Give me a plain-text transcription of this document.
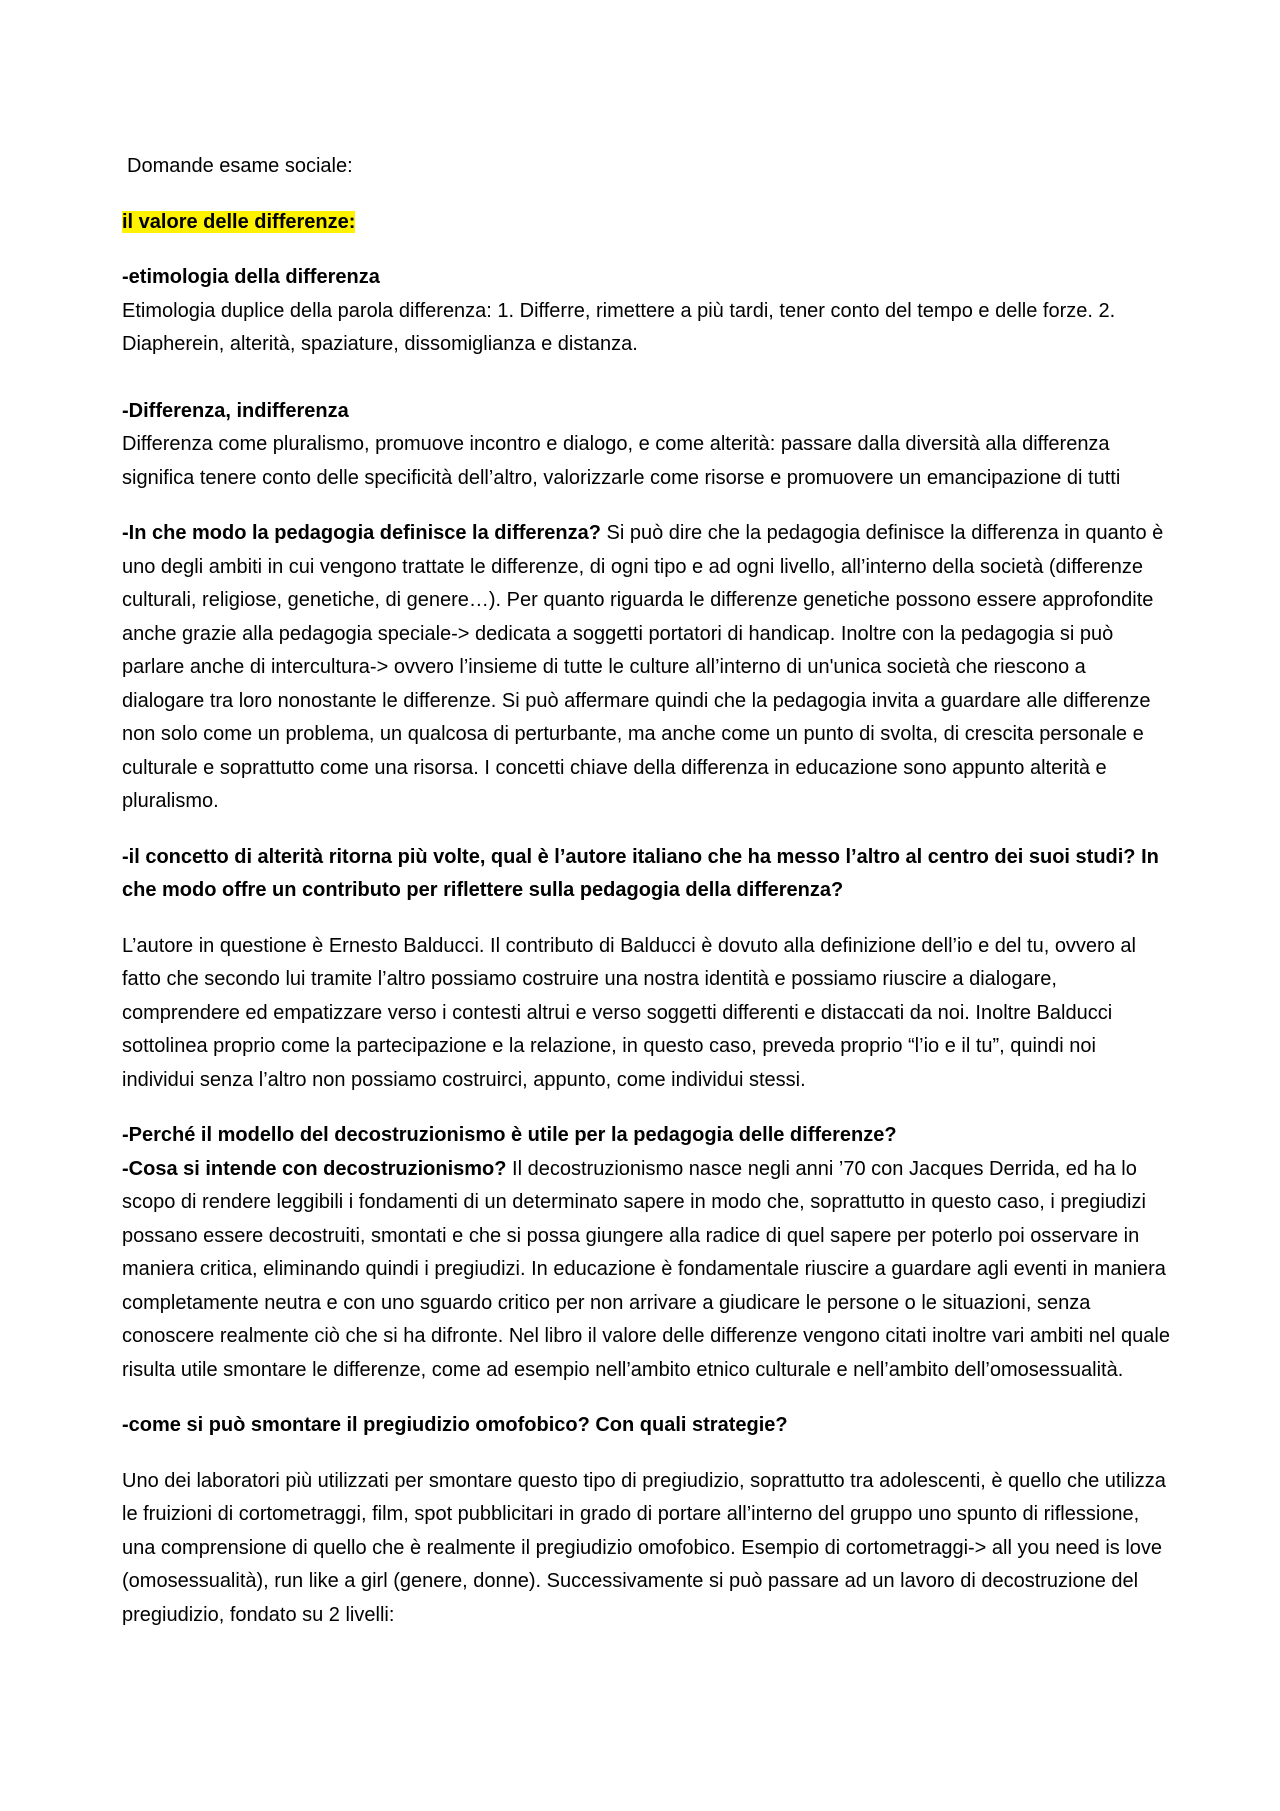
Domande esame sociale:

il valore delle differenze:

-etimologia della differenza

Etimologia duplice della parola differenza: 1. Differre, rimettere a più tardi, tener conto del tempo e delle forze. 2. Diapherein, alterità, spaziature, dissomiglianza e distanza.

-Differenza, indifferenza

Differenza come pluralismo, promuove incontro e dialogo, e come alterità: passare dalla diversità alla differenza significa tenere conto delle specificità dell’altro, valorizzarle come risorse e promuovere un emancipazione di tutti

-In che modo la pedagogia definisce la differenza? Si può dire che la pedagogia definisce la differenza in quanto è uno degli ambiti in cui vengono trattate le differenze, di ogni tipo e ad ogni livello, all’interno della società (differenze culturali, religiose, genetiche, di genere…). Per quanto riguarda le differenze genetiche possono essere approfondite anche grazie alla pedagogia speciale-> dedicata a soggetti portatori di handicap. Inoltre con la pedagogia si può parlare anche di intercultura-> ovvero l’insieme di tutte le culture all’interno di un'unica società che riescono a dialogare tra loro nonostante le differenze. Si può affermare quindi che la pedagogia invita a guardare alle differenze non solo come un problema, un qualcosa di perturbante, ma anche come un punto di svolta, di crescita personale e culturale e soprattutto come una risorsa. I concetti chiave della differenza in educazione sono appunto alterità e pluralismo.

-il concetto di alterità ritorna più volte, qual è l’autore italiano che ha messo l’altro al centro dei suoi studi? In che modo offre un contributo per riflettere sulla pedagogia della differenza?

L’autore in questione è Ernesto Balducci. Il contributo di Balducci è dovuto alla definizione dell’io e del tu, ovvero al fatto che secondo lui tramite l’altro possiamo costruire una nostra identità e possiamo riuscire a dialogare, comprendere ed empatizzare verso i contesti altrui e verso soggetti differenti e distaccati da noi. Inoltre Balducci sottolinea proprio come la partecipazione e la relazione, in questo caso, preveda proprio “l’io e il tu”, quindi noi individui senza l’altro non possiamo costruirci, appunto, come individui stessi.

-Perché il modello del decostruzionismo è utile per la pedagogia delle differenze?

-Cosa si intende con decostruzionismo? Il decostruzionismo nasce negli anni ’70 con Jacques Derrida, ed ha lo scopo di rendere leggibili i fondamenti di un determinato sapere in modo che, soprattutto in questo caso, i pregiudizi possano essere decostruiti, smontati e che si possa giungere alla radice di quel sapere per poterlo poi osservare in maniera critica, eliminando quindi i pregiudizi. In educazione è fondamentale riuscire a guardare agli eventi in maniera completamente neutra e con uno sguardo critico per non arrivare a giudicare le persone o le situazioni, senza conoscere realmente ciò che si ha difronte. Nel libro il valore delle differenze vengono citati inoltre vari ambiti nel quale risulta utile smontare le differenze, come ad esempio nell’ambito etnico culturale e nell’ambito dell’omosessualità.

-come si può smontare il pregiudizio omofobico? Con quali strategie?

Uno dei laboratori più utilizzati per smontare questo tipo di pregiudizio, soprattutto tra adolescenti, è quello che utilizza le fruizioni di cortometraggi, film, spot pubblicitari in grado di portare all’interno del gruppo uno spunto di riflessione, una comprensione di quello che è realmente il pregiudizio omofobico. Esempio di cortometraggi-> all you need is love (omosessualità), run like a girl (genere, donne). Successivamente si può passare ad un lavoro di decostruzione del pregiudizio, fondato su 2 livelli:
